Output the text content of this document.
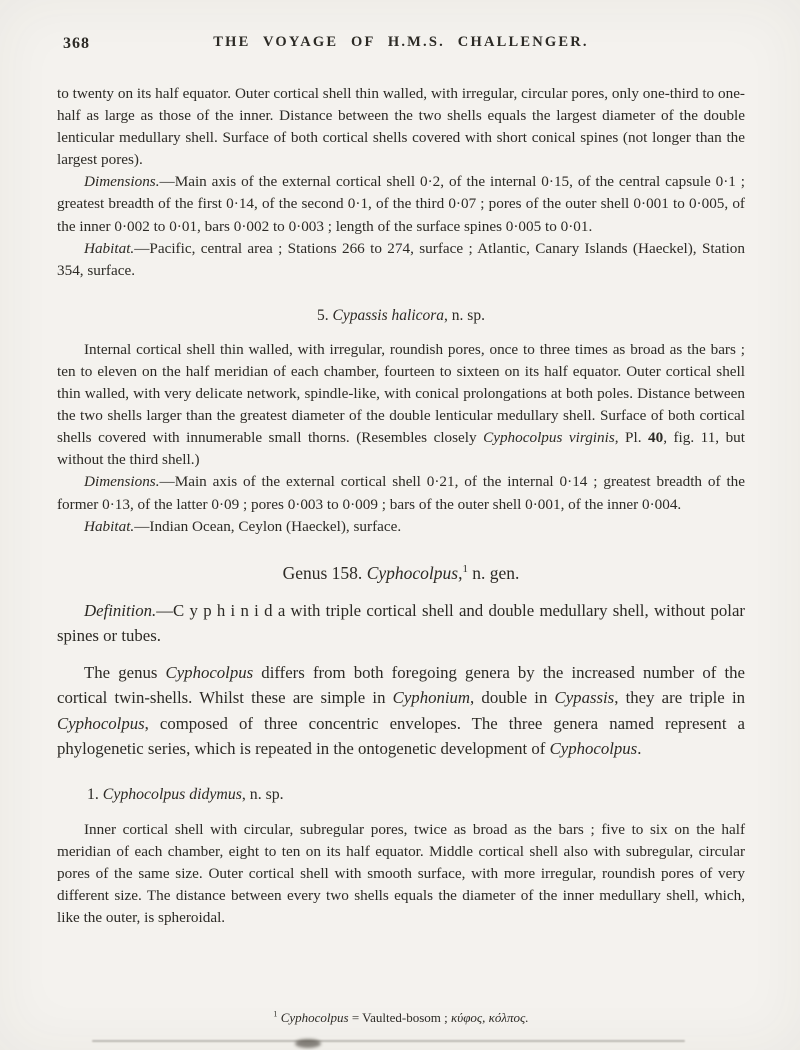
368	THE VOYAGE OF H.M.S. CHALLENGER.

to twenty on its half equator. Outer cortical shell thin walled, with irregular, circular pores, only one-third to one-half as large as those of the inner. Distance between the two shells equals the largest diameter of the double lenticular medullary shell. Surface of both cortical shells covered with short conical spines (not longer than the largest pores).

Dimensions.—Main axis of the external cortical shell 0·2, of the internal 0·15, of the central capsule 0·1 ; greatest breadth of the first 0·14, of the second 0·1, of the third 0·07 ; pores of the outer shell 0·001 to 0·005, of the inner 0·002 to 0·01, bars 0·002 to 0·003 ; length of the surface spines 0·005 to 0·01.

Habitat.—Pacific, central area ; Stations 266 to 274, surface ; Atlantic, Canary Islands (Haeckel), Station 354, surface.

5. Cypassis halicora, n. sp.

Internal cortical shell thin walled, with irregular, roundish pores, once to three times as broad as the bars ; ten to eleven on the half meridian of each chamber, fourteen to sixteen on its half equator. Outer cortical shell thin walled, with very delicate network, spindle-like, with conical prolongations at both poles. Distance between the two shells larger than the greatest diameter of the double lenticular medullary shell. Surface of both cortical shells covered with innumerable small thorns. (Resembles closely Cyphocolpus virginis, Pl. 40, fig. 11, but without the third shell.)

Dimensions.—Main axis of the external cortical shell 0·21, of the internal 0·14 ; greatest breadth of the former 0·13, of the latter 0·09 ; pores 0·003 to 0·009 ; bars of the outer shell 0·001, of the inner 0·004.

Habitat.—Indian Ocean, Ceylon (Haeckel), surface.

Genus 158. Cyphocolpus,$^1$ n. gen.

Definition.—C y p h i n i d a with triple cortical shell and double medullary shell, without polar spines or tubes.

The genus Cyphocolpus differs from both foregoing genera by the increased number of the cortical twin-shells. Whilst these are simple in Cyphonium, double in Cypassis, they are triple in Cyphocolpus, composed of three concentric envelopes. The three genera named represent a phylogenetic series, which is repeated in the ontogenetic development of Cyphocolpus.

1. Cyphocolpus didymus, n. sp.

Inner cortical shell with circular, subregular pores, twice as broad as the bars ; five to six on the half meridian of each chamber, eight to ten on its half equator. Middle cortical shell also with subregular, circular pores of the same size. Outer cortical shell with smooth surface, with more irregular, roundish pores of very different size. The distance between every two shells equals the diameter of the inner medullary shell, which, like the outer, is spheroidal.

$^1$ Cyphocolpus = Vaulted-bosom ; κύφος, κόλπος.
